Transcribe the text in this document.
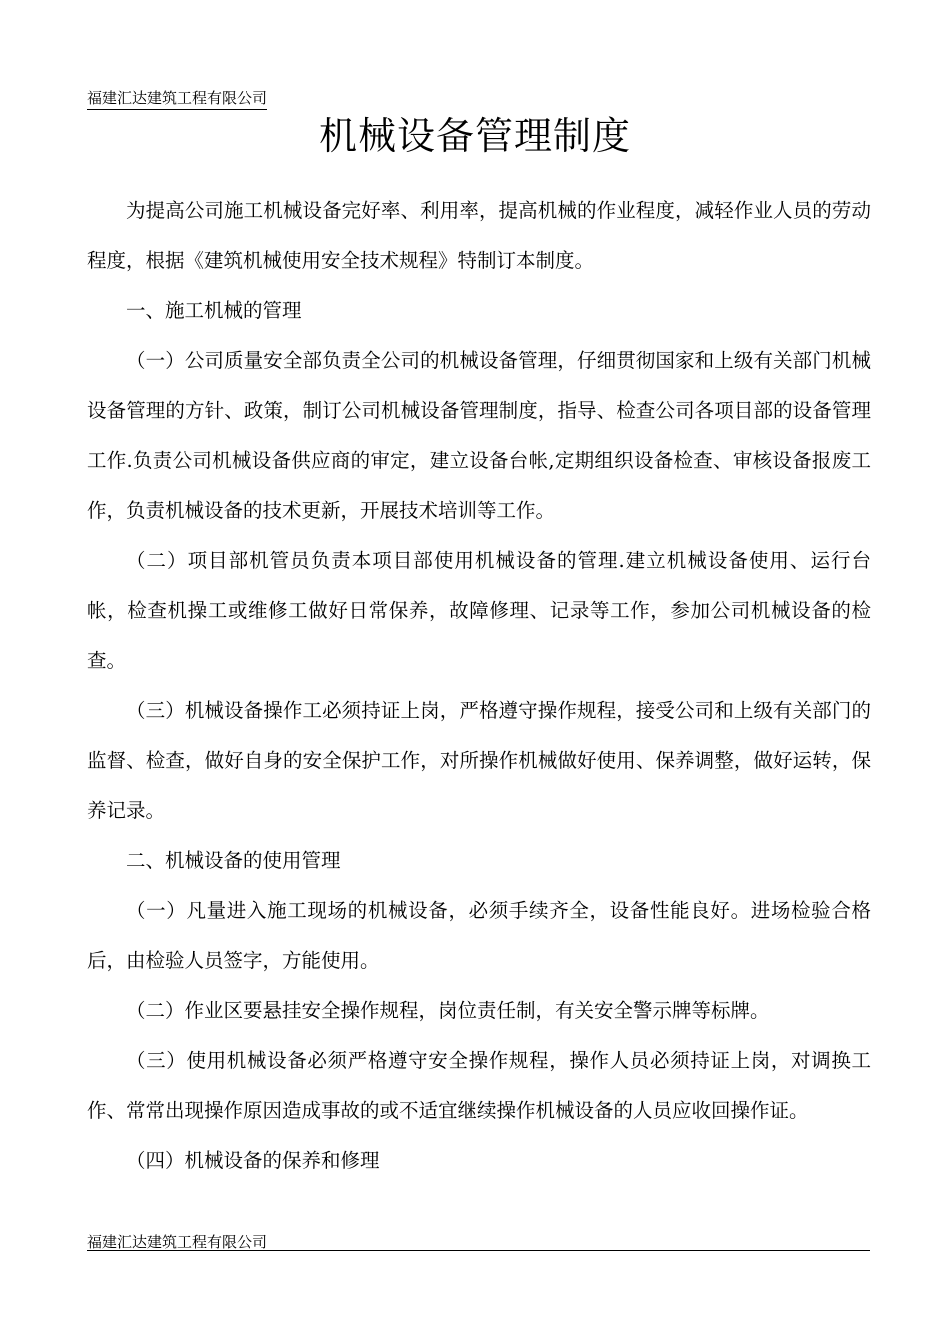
福建汇达建筑工程有限公司
机械设备管理制度

为提高公司施工机械设备完好率、利用率，提高机械的作业程度，减轻作业人员的劳动程度，根据《建筑机械使用安全技术规程》特制订本制度。

一、施工机械的管理

（一）公司质量安全部负责全公司的机械设备管理，仔细贯彻国家和上级有关部门机械设备管理的方针、政策，制订公司机械设备管理制度，指导、检查公司各项目部的设备管理工作.负责公司机械设备供应商的审定，建立设备台帐,定期组织设备检查、审核设备报废工作，负责机械设备的技术更新，开展技术培训等工作。

（二）项目部机管员负责本项目部使用机械设备的管理.建立机械设备使用、运行台帐，检查机操工或维修工做好日常保养，故障修理、记录等工作，参加公司机械设备的检查。

（三）机械设备操作工必须持证上岗，严格遵守操作规程，接受公司和上级有关部门的监督、检查，做好自身的安全保护工作，对所操作机械做好使用、保养调整，做好运转，保养记录。

二、机械设备的使用管理

（一）凡量进入施工现场的机械设备，必须手续齐全，设备性能良好。进场检验合格后，由检验人员签字，方能使用。

（二）作业区要悬挂安全操作规程，岗位责任制，有关安全警示牌等标牌。

（三）使用机械设备必须严格遵守安全操作规程，操作人员必须持证上岗，对调换工作、常常出现操作原因造成事故的或不适宜继续操作机械设备的人员应收回操作证。

（四）机械设备的保养和修理

福建汇达建筑工程有限公司
